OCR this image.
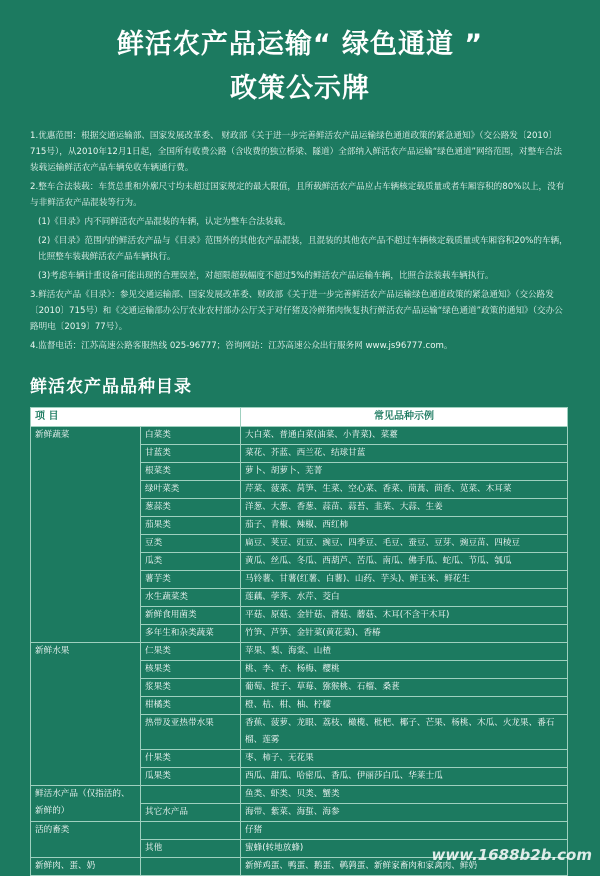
鲜活农产品运输“ 绿色通道 ”
政策公示牌

1.优惠范围：根据交通运输部、国家发展改革委、 财政部《关于进一步完善鲜活农产品运输绿色通道政策的紧急通知》（交公路发〔2010〕715号），从2010年12月1日起，全国所有收费公路（含收费的独立桥梁、隧道）全部纳入鲜活农产品运输“绿色通道”网络范围，对整车合法装载运输鲜活农产品车辆免收车辆通行费。

2.整车合法装载：车货总重和外廓尺寸均未超过国家规定的最大限值，且所载鲜活农产品应占车辆核定载质量或者车厢容积的80%以上，没有与非鲜活农产品混装等行为。

(1)《目录》内不同鲜活农产品混装的车辆，认定为整车合法装载。

(2)《目录》范围内的鲜活农产品与《目录》范围外的其他农产品混装，且混装的其他农产品不超过车辆核定载质量或车厢容积20%的车辆，比照整车装载鲜活农产品车辆执行。

(3)考虑车辆计重设备可能出现的合理误差，对超限超载幅度不超过5%的鲜活农产品运输车辆，比照合法装载车辆执行。

3.鲜活农产品《目录》：参见交通运输部、国家发展改革委、财政部《关于进一步完善鲜活农产品运输绿色通道政策的紧急通知》（交公路发〔2010〕715号）和《交通运输部办公厅农业农村部办公厅关于对仔猪及冷鲜猪肉恢复执行鲜活农产品运输“绿色通道”政策的通知》（交办公路明电〔2019〕77号）。

4.监督电话：江苏高速公路客服热线 025-96777；咨询网站：江苏高速公众出行服务网 www.js96777.com。

鲜活农产品品种目录
项 目		常见品种示例
新鲜蔬菜	白菜类	大白菜、普通白菜(油菜、小青菜)、菜薹
	甘蓝类	菜花、芥蓝、西兰花、结球甘蓝
	根菜类	萝卜、胡萝卜、芜菁
	绿叶菜类	芹菜、菠菜、莴笋、生菜、空心菜、香菜、茼蒿、茴香、苋菜、木耳菜
	葱蒜类	洋葱、大葱、香葱、蒜苗、蒜苔、韭菜、大蒜、生姜
	茄果类	茄子、青椒、辣椒、西红柿
	豆类	扁豆、荚豆、豇豆、豌豆、四季豆、毛豆、蚕豆、豆芽、豌豆苗、四棱豆
	瓜类	黄瓜、丝瓜、冬瓜、西葫芦、苦瓜、南瓜、佛手瓜、蛇瓜、节瓜、瓠瓜
	薯芋类	马铃薯、甘薯(红薯、白薯)、山药、芋头)、鲜玉米、鲜花生
	水生蔬菜类	莲藕、荸荠、水芹、茭白
	新鲜食用菌类	平菇、原菇、金针菇、滑菇、蘑菇、木耳(不含干木耳)
	多年生和杂类蔬菜	竹笋、芦笋、金针菜(黄花菜)、香椿
新鲜水果	仁果类	苹果、梨、海棠、山楂
	核果类	桃、李、杏、杨梅、樱桃
	浆果类	葡萄、提子、草莓、猕猴桃、石榴、桑葚
	柑橘类	橙、桔、柑、柚、柠檬
	热带及亚热带水果	香蕉、菠萝、龙眼、荔枝、橄榄、枇杷、椰子、芒果、杨桃、木瓜、火龙果、番石榴、莲雾
	什果类	枣、柿子、无花果
	瓜果类	西瓜、甜瓜、哈密瓜、香瓜、伊丽莎白瓜、华莱士瓜
鲜活水产品（仅指活的、新鲜的）		鱼类、虾类、贝类、蟹类
	其它水产品	海带、紫菜、海蜇、海参
活的畜类		仔猪
	其他	蜜蜂(转地放蜂)
新鲜肉、蛋、奶		新鲜鸡蛋、鸭蛋、鹅蛋、鹌鹑蛋、新鲜家畜肉和家禽肉、鲜奶
www.1688b2b.com
